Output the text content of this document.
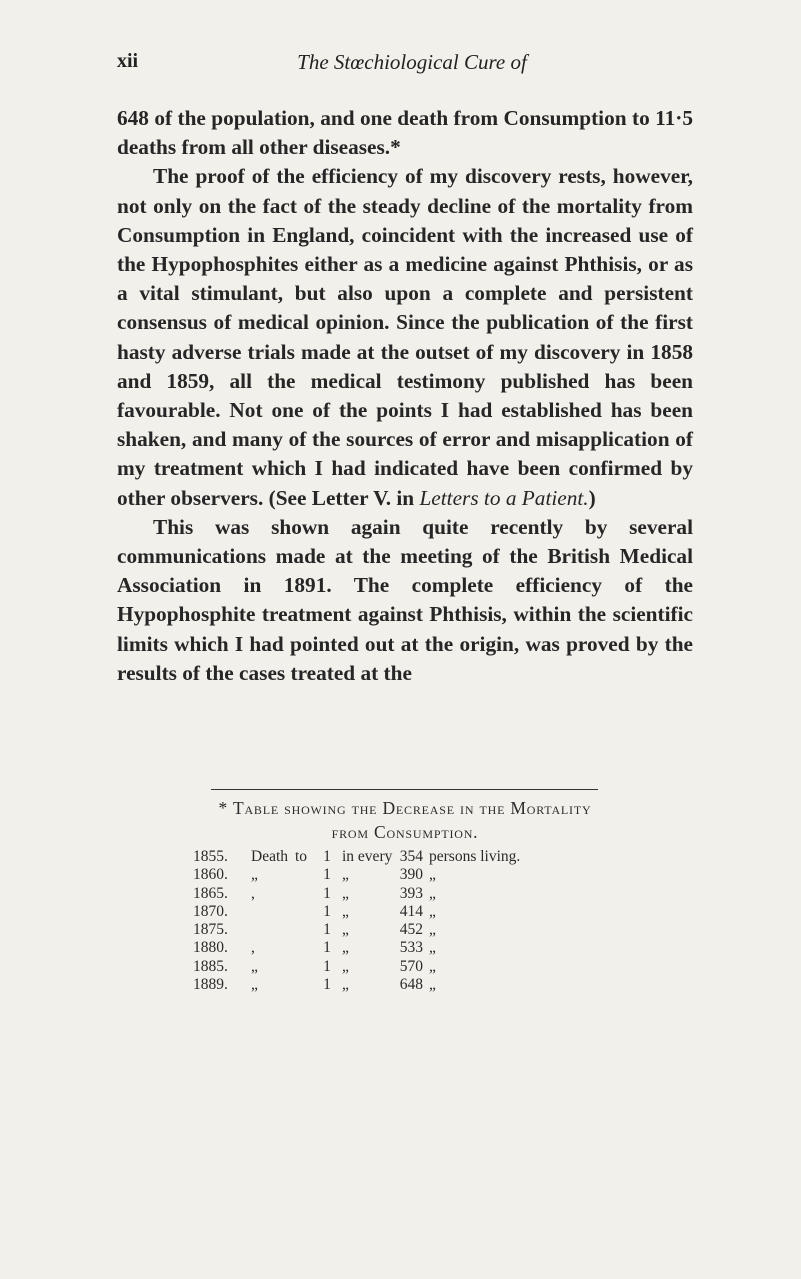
xii	The Stœchiological Cure of

648 of the population, and one death from Consumption to 11·5 deaths from all other diseases.*

The proof of the efficiency of my discovery rests, however, not only on the fact of the steady decline of the mortality from Consumption in England, coincident with the increased use of the Hypophosphites either as a medicine against Phthisis, or as a vital stimulant, but also upon a complete and persistent consensus of medical opinion. Since the publication of the first hasty adverse trials made at the outset of my discovery in 1858 and 1859, all the medical testimony published has been favourable. Not one of the points I had established has been shaken, and many of the sources of error and misapplication of my treatment which I had indicated have been confirmed by other observers. (See Letter V. in Letters to a Patient.)

This was shown again quite recently by several communications made at the meeting of the British Medical Association in 1891. The complete efficiency of the Hypophosphite treatment against Phthisis, within the scientific limits which I had pointed out at the origin, was proved by the results of the cases treated at the

* Table showing the Decrease in the Mortality
from Consumption.
1855. Death to 1 in every 354 persons living.
1860. „	1 „	390 „
1865. ,	1 „	393 „
1870.	1 „	414 „
1875.	1 „	452 „
1880. ,	1 „	533 „
1885. „	1 „	570 „
1889. „	1 „	648 „
